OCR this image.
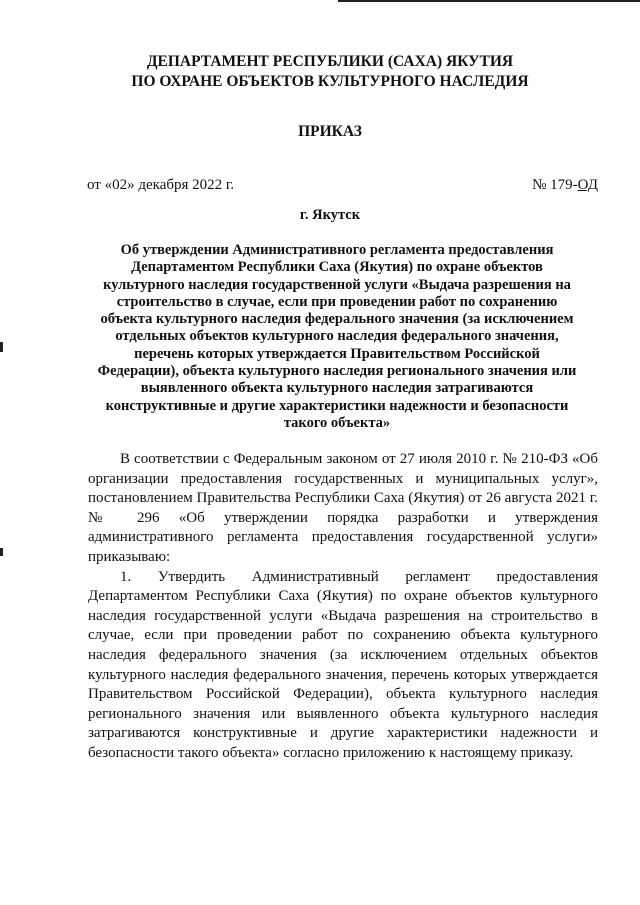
ДЕПАРТАМЕНТ РЕСПУБЛИКИ (САХА) ЯКУТИЯ
ПО ОХРАНЕ ОБЪЕКТОВ КУЛЬТУРНОГО НАСЛЕДИЯ
ПРИКАЗ
от «02» декабря 2022 г.	№ 179-ОД
г. Якутск
Об утверждении Административного регламента предоставления Департаментом Республики Саха (Якутия) по охране объектов культурного наследия государственной услуги «Выдача разрешения на строительство в случае, если при проведении работ по сохранению объекта культурного наследия федерального значения (за исключением отдельных объектов культурного наследия федерального значения, перечень которых утверждается Правительством Российской Федерации), объекта культурного наследия регионального значения или выявленного объекта культурного наследия затрагиваются конструктивные и другие характеристики надежности и безопасности такого объекта»

В соответствии с Федеральным законом от 27 июля 2010 г. № 210-ФЗ «Об организации предоставления государственных и муниципальных услуг», постановлением Правительства Республики Саха (Якутия) от 26 августа 2021 г. № 296 «Об утверждении порядка разработки и утверждения административного регламента предоставления государственной услуги» приказываю:

1. Утвердить Административный регламент предоставления Департаментом Республики Саха (Якутия) по охране объектов культурного наследия государственной услуги «Выдача разрешения на строительство в случае, если при проведении работ по сохранению объекта культурного наследия федерального значения (за исключением отдельных объектов культурного наследия федерального значения, перечень которых утверждается Правительством Российской Федерации), объекта культурного наследия регионального значения или выявленного объекта культурного наследия затрагиваются конструктивные и другие характеристики надежности и безопасности такого объекта» согласно приложению к настоящему приказу.
